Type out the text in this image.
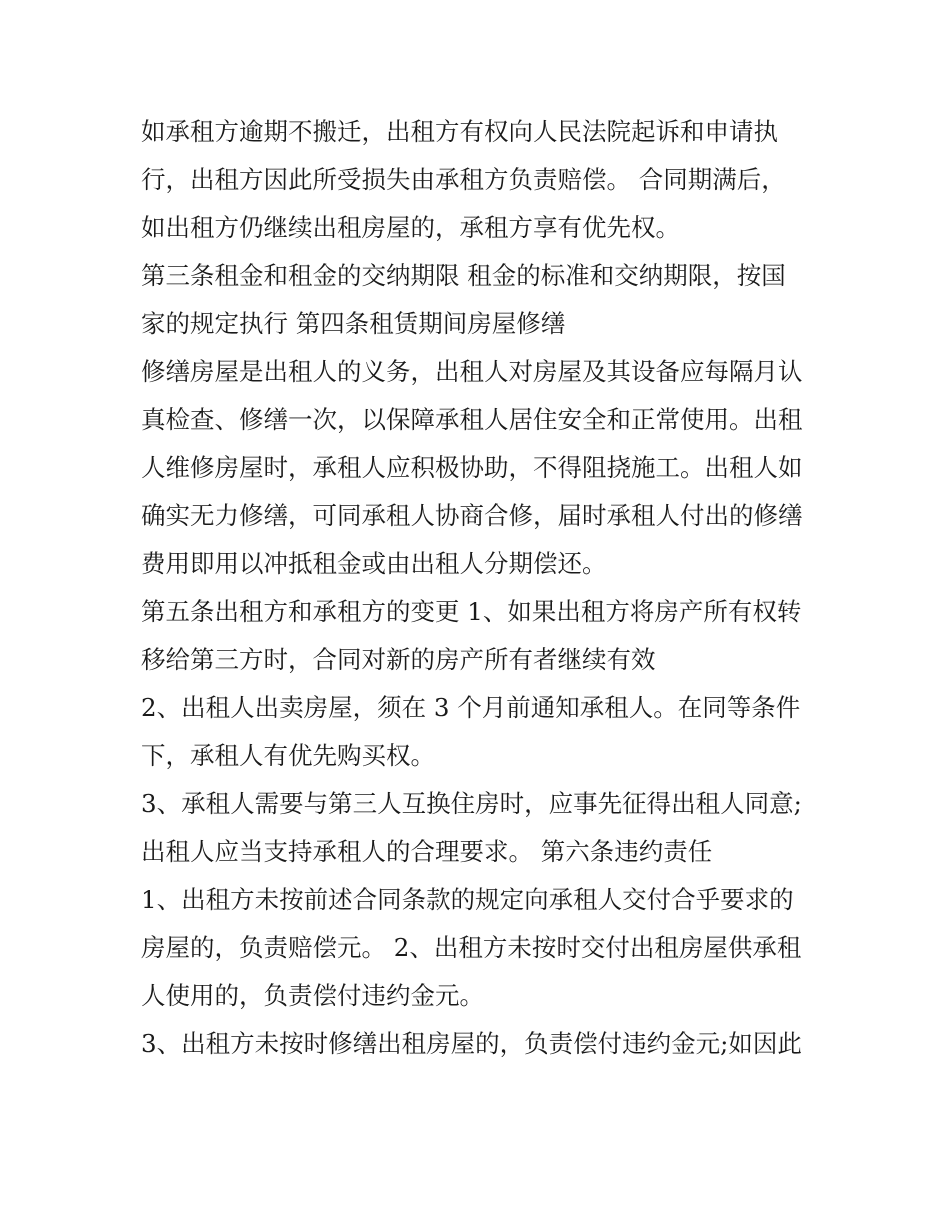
如承租方逾期不搬迁，出租方有权向人民法院起诉和申请执
行，出租方因此所受损失由承租方负责赔偿。 合同期满后，
如出租方仍继续出租房屋的，承租方享有优先权。
第三条租金和租金的交纳期限 租金的标准和交纳期限，按国
家的规定执行 第四条租赁期间房屋修缮
修缮房屋是出租人的义务，出租人对房屋及其设备应每隔月认
真检查、修缮一次，以保障承租人居住安全和正常使用。出租
人维修房屋时，承租人应积极协助，不得阻挠施工。出租人如
确实无力修缮，可同承租人协商合修，届时承租人付出的修缮
费用即用以冲抵租金或由出租人分期偿还。
第五条出租方和承租方的变更 1、如果出租方将房产所有权转
移给第三方时，合同对新的房产所有者继续有效
2、出租人出卖房屋，须在 3 个月前通知承租人。在同等条件
下，承租人有优先购买权。
3、承租人需要与第三人互换住房时，应事先征得出租人同意;
出租人应当支持承租人的合理要求。 第六条违约责任
1、出租方未按前述合同条款的规定向承租人交付合乎要求的
房屋的，负责赔偿元。 2、出租方未按时交付出租房屋供承租
人使用的，负责偿付违约金元。
3、出租方未按时修缮出租房屋的，负责偿付违约金元;如因此
